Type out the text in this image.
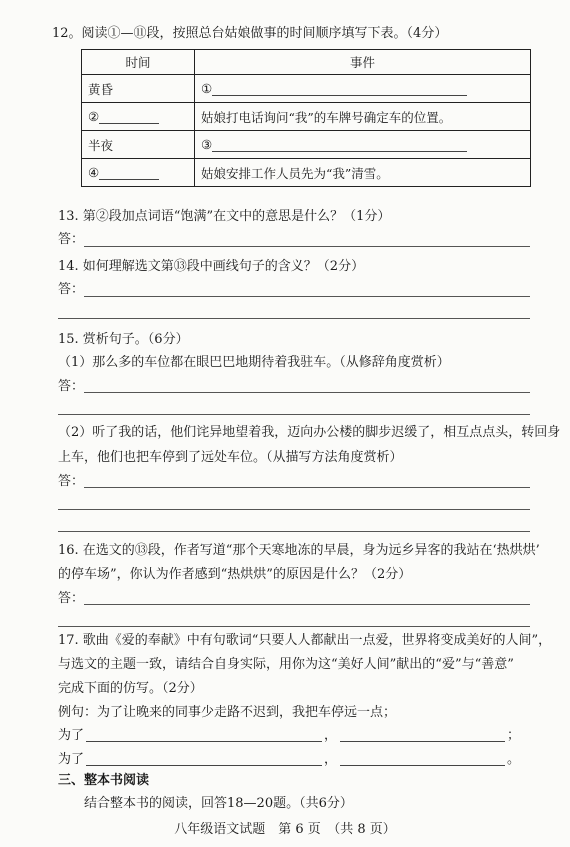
12。阅读①—⑪段，按照总台姑娘做事的时间顺序填写下表。（4分）
时间	事件
黄昏	①
②	姑娘打电话询问“我”的车牌号确定车的位置。
半夜	③
④	姑娘安排工作人员先为“我”清雪。
13. 第②段加点词语“饱满”在文中的意思是什么？（1分）
答：
14. 如何理解选文第⑬段中画线句子的含义？（2分）
答：
15. 赏析句子。（6分）
（1）那么多的车位都在眼巴巴地期待着我驻车。（从修辞角度赏析）
答：
（2）听了我的话，他们诧异地望着我，迈向办公楼的脚步迟缓了，相互点点头，转回身
上车，他们也把车停到了远处车位。（从描写方法角度赏析）
答：
16. 在选文的⑬段，作者写道“那个天寒地冻的早晨，身为远乡异客的我站在‘热烘烘’
的停车场”，你认为作者感到“热烘烘”的原因是什么？（2分）
答：
17. 歌曲《爱的奉献》中有句歌词“只要人人都献出一点爱，世界将变成美好的人间”，
与选文的主题一致，请结合自身实际，用你为这“美好人间”献出的“爱”与“善意”
完成下面的仿写。（2分）
例句：为了让晚来的同事少走路不迟到，我把车停远一点；
为了	，	；
为了	，	。
三、整本书阅读
结合整本书的阅读，回答18—20题。（共6分）
八年级语文试题　第 6 页　（共 8 页）
